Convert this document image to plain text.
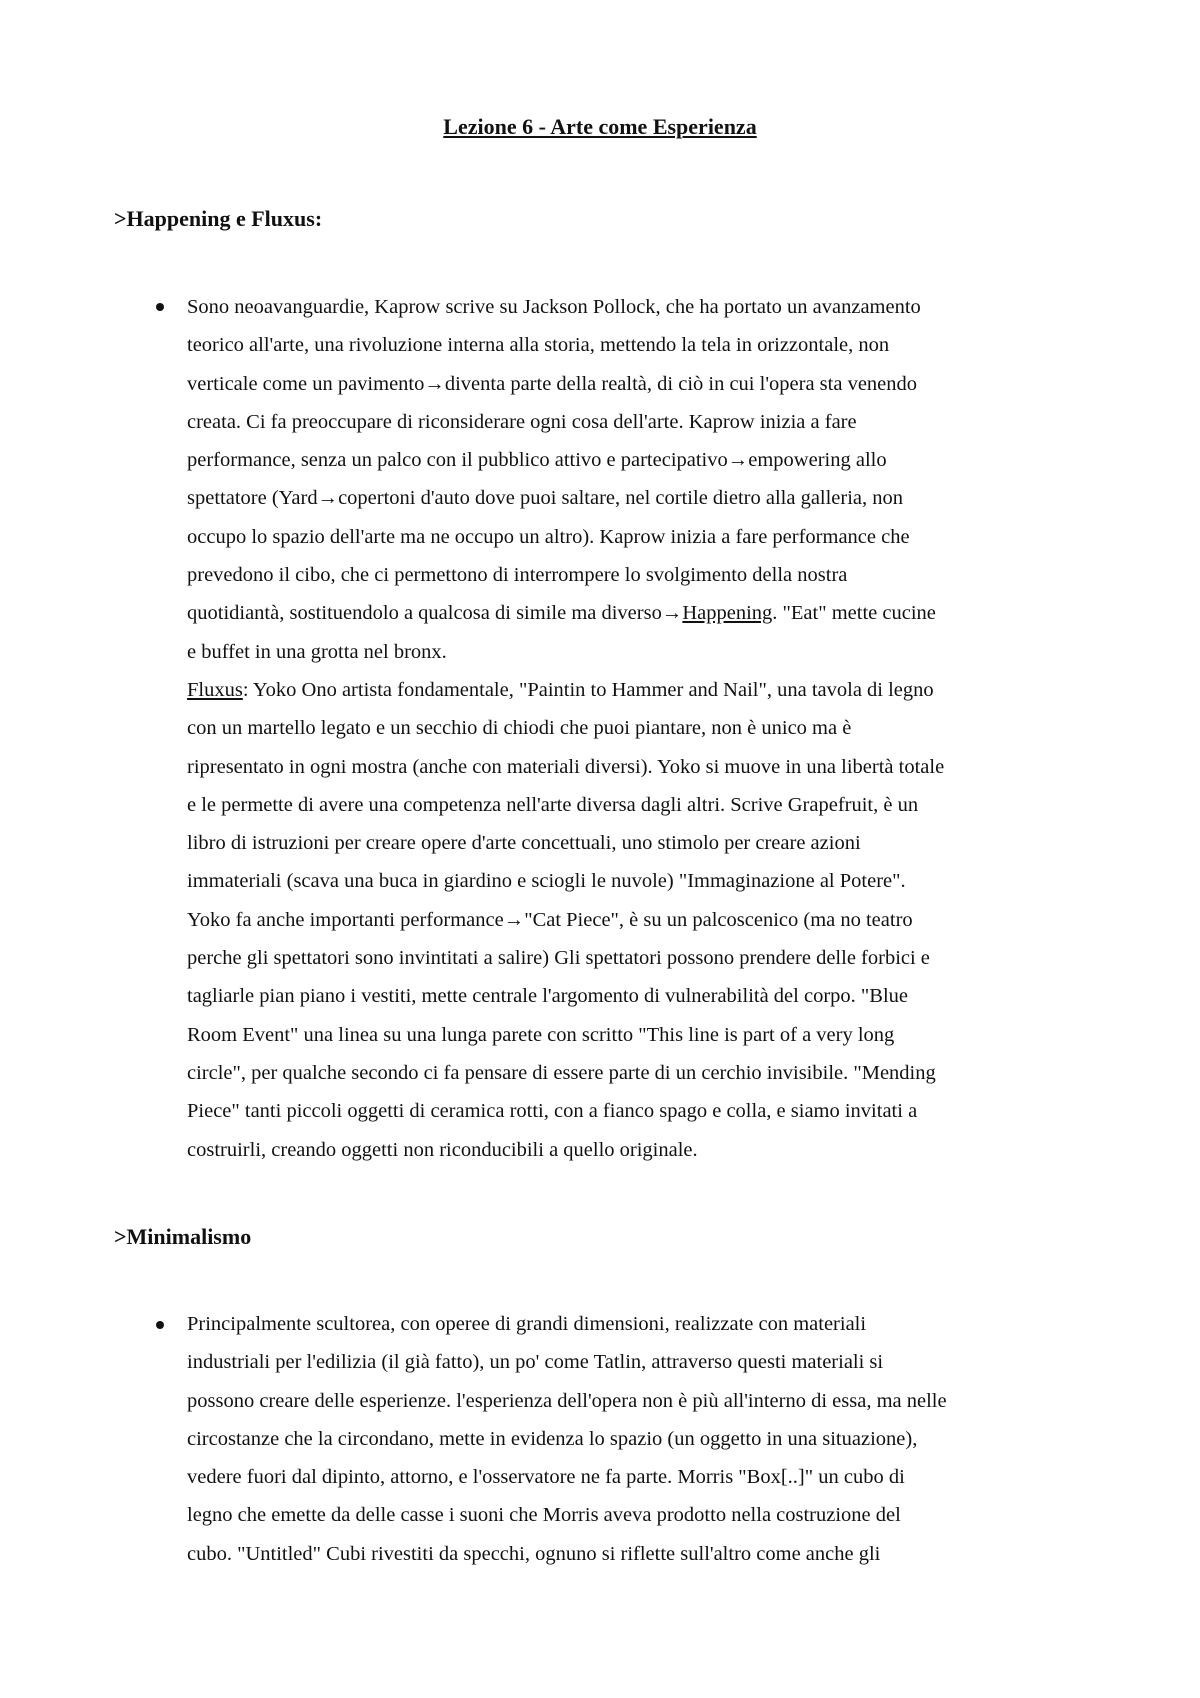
Lezione 6 - Arte come Esperienza
>Happening e Fluxus:
Sono neoavanguardie, Kaprow scrive su Jackson Pollock, che ha portato un avanzamento
teorico all'arte, una rivoluzione interna alla storia, mettendo la tela in orizzontale, non
verticale come un pavimento→diventa parte della realtà, di ciò in cui l'opera sta venendo
creata. Ci fa preoccupare di riconsiderare ogni cosa dell'arte. Kaprow inizia a fare
performance, senza un palco con il pubblico attivo e partecipativo→empowering allo
spettatore (Yard→copertoni d'auto dove puoi saltare, nel cortile dietro alla galleria, non
occupo lo spazio dell'arte ma ne occupo un altro). Kaprow inizia a fare performance che
prevedono il cibo, che ci permettono di interrompere lo svolgimento della nostra
quotidiantà, sostituendolo a qualcosa di simile ma diverso→Happening. "Eat" mette cucine
e buffet in una grotta nel bronx.
Fluxus: Yoko Ono artista fondamentale, "Paintin to Hammer and Nail", una tavola di legno
con un martello legato e un secchio di chiodi che puoi piantare, non è unico ma è
ripresentato in ogni mostra (anche con materiali diversi). Yoko si muove in una libertà totale
e le permette di avere una competenza nell'arte diversa dagli altri. Scrive Grapefruit, è un
libro di istruzioni per creare opere d'arte concettuali, uno stimolo per creare azioni
immateriali (scava una buca in giardino e sciogli le nuvole) "Immaginazione al Potere".
Yoko fa anche importanti performance→"Cat Piece", è su un palcoscenico (ma no teatro
perche gli spettatori sono invintitati a salire) Gli spettatori possono prendere delle forbici e
tagliarle pian piano i vestiti, mette centrale l'argomento di vulnerabilità del corpo. "Blue
Room Event" una linea su una lunga parete con scritto "This line is part of a very long
circle", per qualche secondo ci fa pensare di essere parte di un cerchio invisibile. "Mending
Piece" tanti piccoli oggetti di ceramica rotti, con a fianco spago e colla, e siamo invitati a
costruirli, creando oggetti non riconducibili a quello originale.
>Minimalismo
Principalmente scultorea, con operee di grandi dimensioni, realizzate con materiali
industriali per l'edilizia (il già fatto), un po' come Tatlin, attraverso questi materiali si
possono creare delle esperienze. l'esperienza dell'opera non è più all'interno di essa, ma nelle
circostanze che la circondano, mette in evidenza lo spazio (un oggetto in una situazione),
vedere fuori dal dipinto, attorno, e l'osservatore ne fa parte. Morris "Box[..]" un cubo di
legno che emette da delle casse i suoni che Morris aveva prodotto nella costruzione del
cubo. "Untitled" Cubi rivestiti da specchi, ognuno si riflette sull'altro come anche gli
